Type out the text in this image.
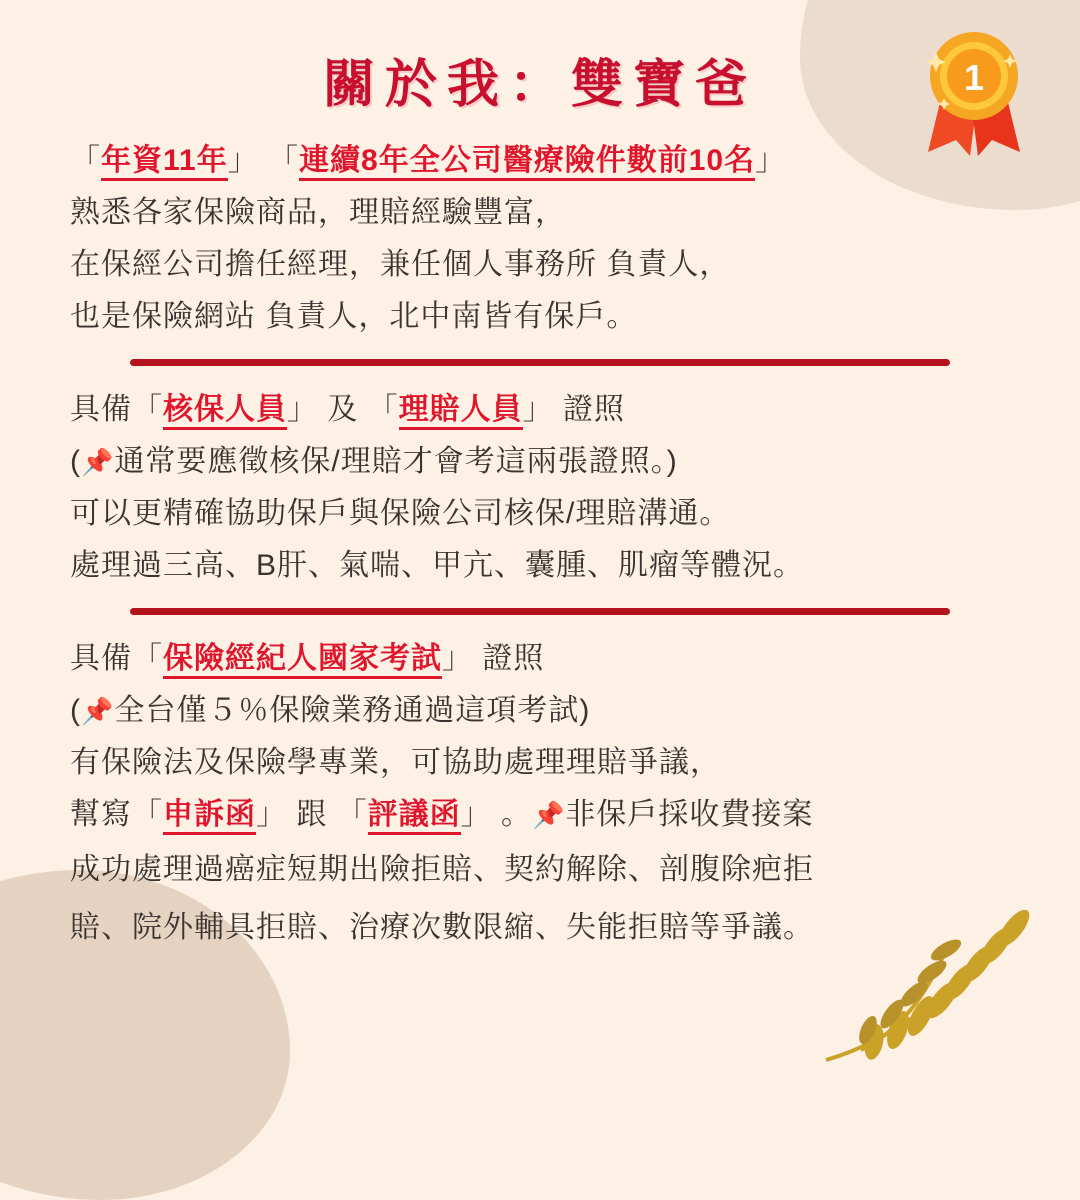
1
關於我：雙寶爸
「年資11年」 「連續8年全公司醫療險件數前10名」
熟悉各家保險商品，理賠經驗豐富，
在保經公司擔任經理，兼任個人事務所 負責人，
也是保險網站 負責人，北中南皆有保戶。
具備「核保人員」 及 「理賠人員」 證照
(📌通常要應徵核保/理賠才會考這兩張證照。)
可以更精確協助保戶與保險公司核保/理賠溝通。
處理過三高、B肝、氣喘、甲亢、囊腫、肌瘤等體況。
具備「保險經紀人國家考試」 證照
(📌全台僅５％保險業務通過這項考試)
有保險法及保險學專業，可協助處理理賠爭議，
幫寫「申訴函」 跟 「評議函」 。📌非保戶採收費接案
成功處理過癌症短期出險拒賠、契約解除、剖腹除疤拒
賠、院外輔具拒賠、治療次數限縮、失能拒賠等爭議。
